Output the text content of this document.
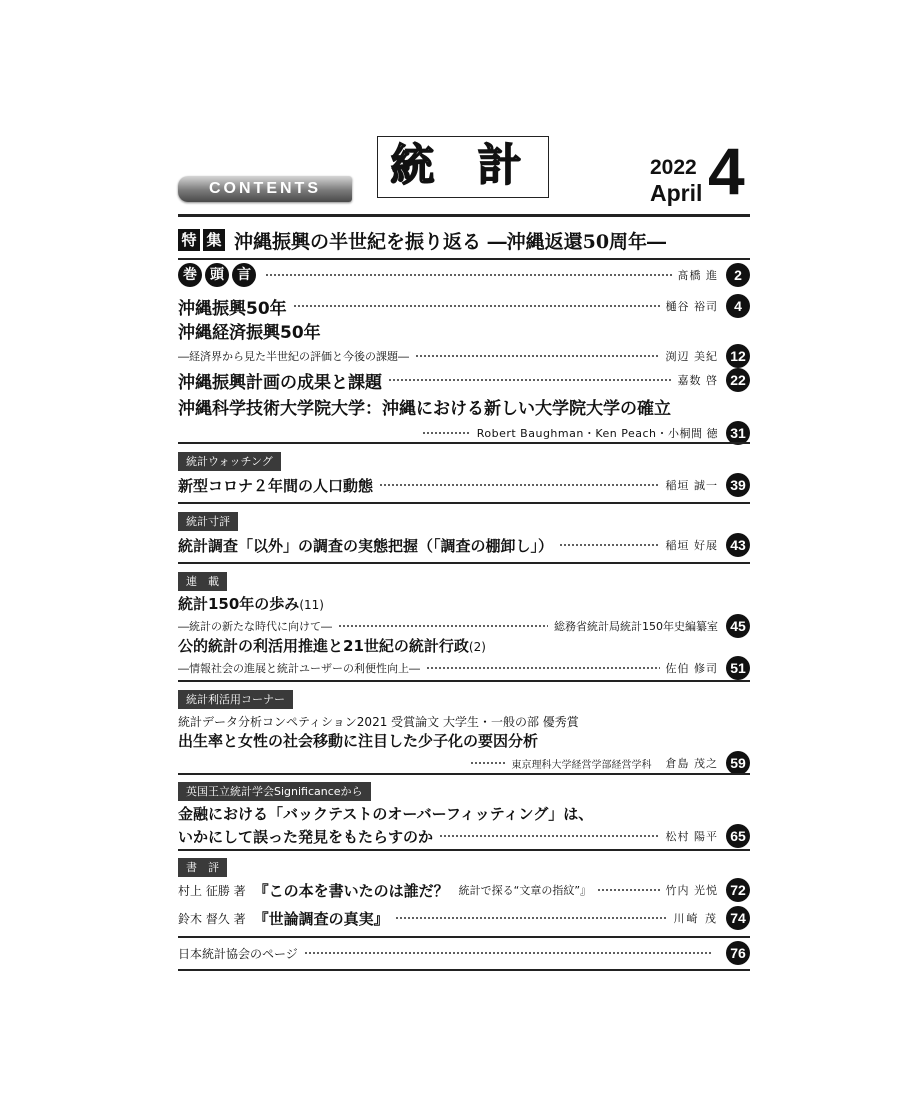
CONTENTS	統 計	2022
April 4
特 集 沖縄振興の半世紀を振り返る ―沖縄返還50周年―
巻 頭 言	髙橋 進	2
沖縄振興50年	樋谷 裕司	4
沖縄経済振興50年
―経済界から見た半世紀の評価と今後の課題―	渕辺 美紀 12
沖縄振興計画の成果と課題	嘉数 啓 22
沖縄科学技術大学院大学：沖縄における新しい大学院大学の確立
Robert Baughman・Ken Peach・小桐間 徳 31
統計ウォッチング
新型コロナ２年間の人口動態	稲垣 誠一 39
統計寸評
統計調査「以外」の調査の実態把握（「調査の棚卸し」）	稲垣 好展 43
連　載
統計150年の歩み(11)
―統計の新たな時代に向けて―	総務省統計局統計150年史編纂室 45
公的統計の利活用推進と21世紀の統計行政(2)
―情報社会の進展と統計ユーザーの利便性向上―	佐伯 修司 51
統計利活用コーナー
統計データ分析コンペティション2021 受賞論文 大学生・一般の部 優秀賞
出生率と女性の社会移動に注目した少子化の要因分析
東京理科大学経営学部経営学科 倉島 茂之 59
英国王立統計学会Significanceから
金融における「バックテストのオーバーフィッティング」は、
いかにして誤った発見をもたらすのか	松村 陽平 65
書　評
村上 征勝 著 『この本を書いたのは誰だ？ 統計で探る“文章の指紋”』	竹内 光悦 72
鈴木 督久 著 『世論調査の真実』	川崎 茂 74
日本統計協会のページ	76
